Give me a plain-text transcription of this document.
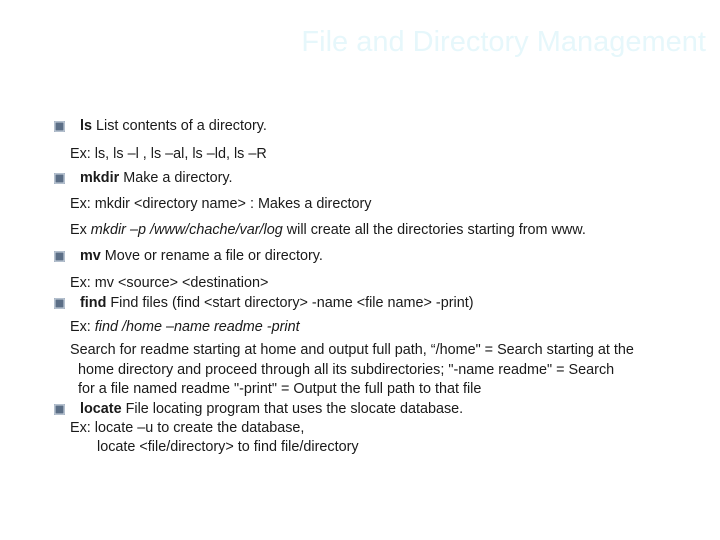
File and Directory Management
ls List contents of a directory.
Ex: ls, ls –l , ls –al, ls –ld, ls –R
mkdir Make a directory.
Ex: mkdir <directory name> : Makes a directory
Ex mkdir –p /www/chache/var/log will create all the directories starting from www.
mv Move or rename a file or directory.
Ex: mv <source> <destination>
find Find files (find <start directory> -name <file name> -print)
Ex: find /home –name readme -print
Search for readme starting at home and output full path, “/home" = Search starting at the
home directory and proceed through all its subdirectories; "-name readme" = Search
for a file named readme "-print" = Output the full path to that file
locate File locating program that uses the slocate database.
Ex: locate –u to create the database,
locate <file/directory> to find file/directory
